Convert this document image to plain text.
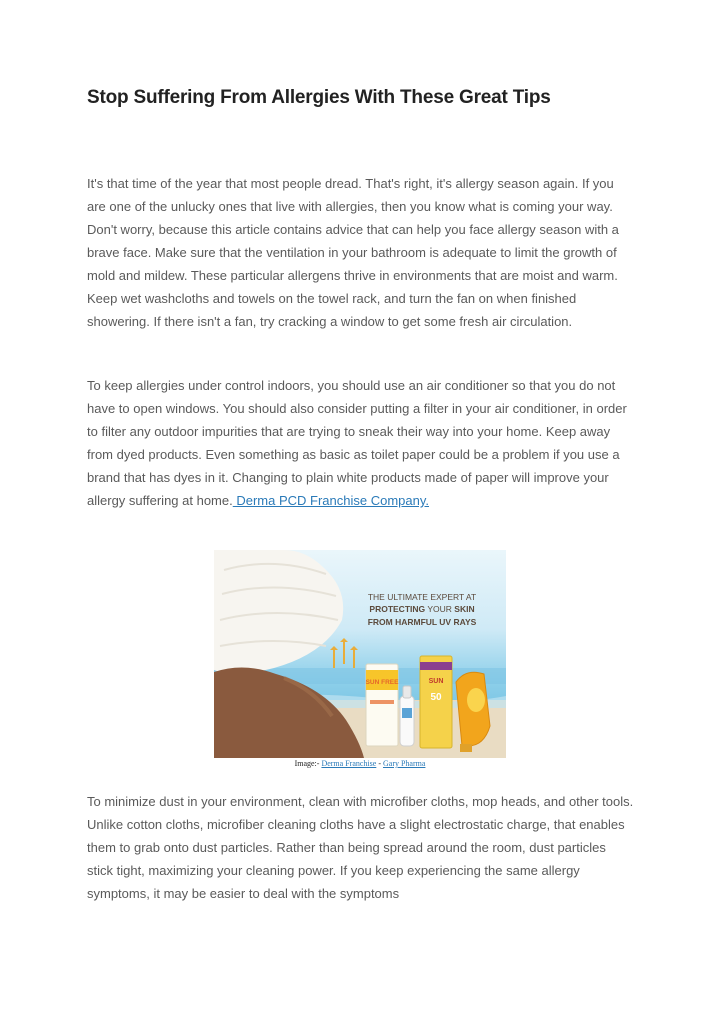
Stop Suffering From Allergies With These Great Tips

It's that time of the year that most people dread. That's right, it's allergy season again. If you are one of the unlucky ones that live with allergies, then you know what is coming your way. Don't worry, because this article contains advice that can help you face allergy season with a brave face. Make sure that the ventilation in your bathroom is adequate to limit the growth of mold and mildew. These particular allergens thrive in environments that are moist and warm. Keep wet washcloths and towels on the towel rack, and turn the fan on when finished showering. If there isn't a fan, try cracking a window to get some fresh air circulation.

To keep allergies under control indoors, you should use an air conditioner so that you do not have to open windows. You should also consider putting a filter in your air conditioner, in order to filter any outdoor impurities that are trying to sneak their way into your home. Keep away from dyed products. Even something as basic as toilet paper could be a problem if you use a brand that has dyes in it. Changing to plain white products made of paper will improve your allergy suffering at home. Derma PCD Franchise Company.

THE ULTIMATE EXPERT AT
PROTECTING YOUR SKIN
FROM HARMFUL UV RAYS
SUN FREE	SUN
50
Image:- Derma Franchise - Gary Pharma

To minimize dust in your environment, clean with microfiber cloths, mop heads, and other tools. Unlike cotton cloths, microfiber cleaning cloths have a slight electrostatic charge, that enables them to grab onto dust particles. Rather than being spread around the room, dust particles stick tight, maximizing your cleaning power. If you keep experiencing the same allergy symptoms, it may be easier to deal with the symptoms
